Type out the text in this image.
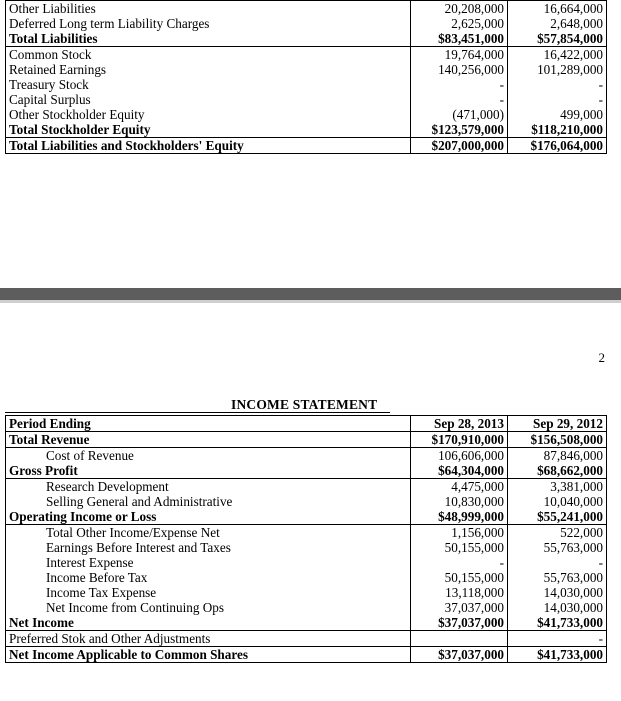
Other Liabilities	20,208,000	16,664,000
Deferred Long term Liability Charges	2,625,000	2,648,000
Total Liabilities	$83,451,000	$57,854,000
Common Stock	19,764,000	16,422,000
Retained Earnings	140,256,000	101,289,000
Treasury Stock	-	-
Capital Surplus	-	-
Other Stockholder Equity	(471,000)	499,000
Total Stockholder Equity	$123,579,000	$118,210,000
Total Liabilities and Stockholders' Equity	$207,000,000	$176,064,000
2
INCOME STATEMENT
Period Ending	Sep 28, 2013	Sep 29, 2012
Total Revenue	$170,910,000	$156,508,000
Cost of Revenue	106,606,000	87,846,000
Gross Profit	$64,304,000	$68,662,000
Research Development	4,475,000	3,381,000
Selling General and Administrative	10,830,000	10,040,000
Operating Income or Loss	$48,999,000	$55,241,000
Total Other Income/Expense Net	1,156,000	522,000
Earnings Before Interest and Taxes	50,155,000	55,763,000
Interest Expense	-	-
Income Before Tax	50,155,000	55,763,000
Income Tax Expense	13,118,000	14,030,000
Net Income from Continuing Ops	37,037,000	14,030,000
Net Income	$37,037,000	$41,733,000
Preferred Stok and Other Adjustments		-
Net Income Applicable to Common Shares	$37,037,000	$41,733,000
